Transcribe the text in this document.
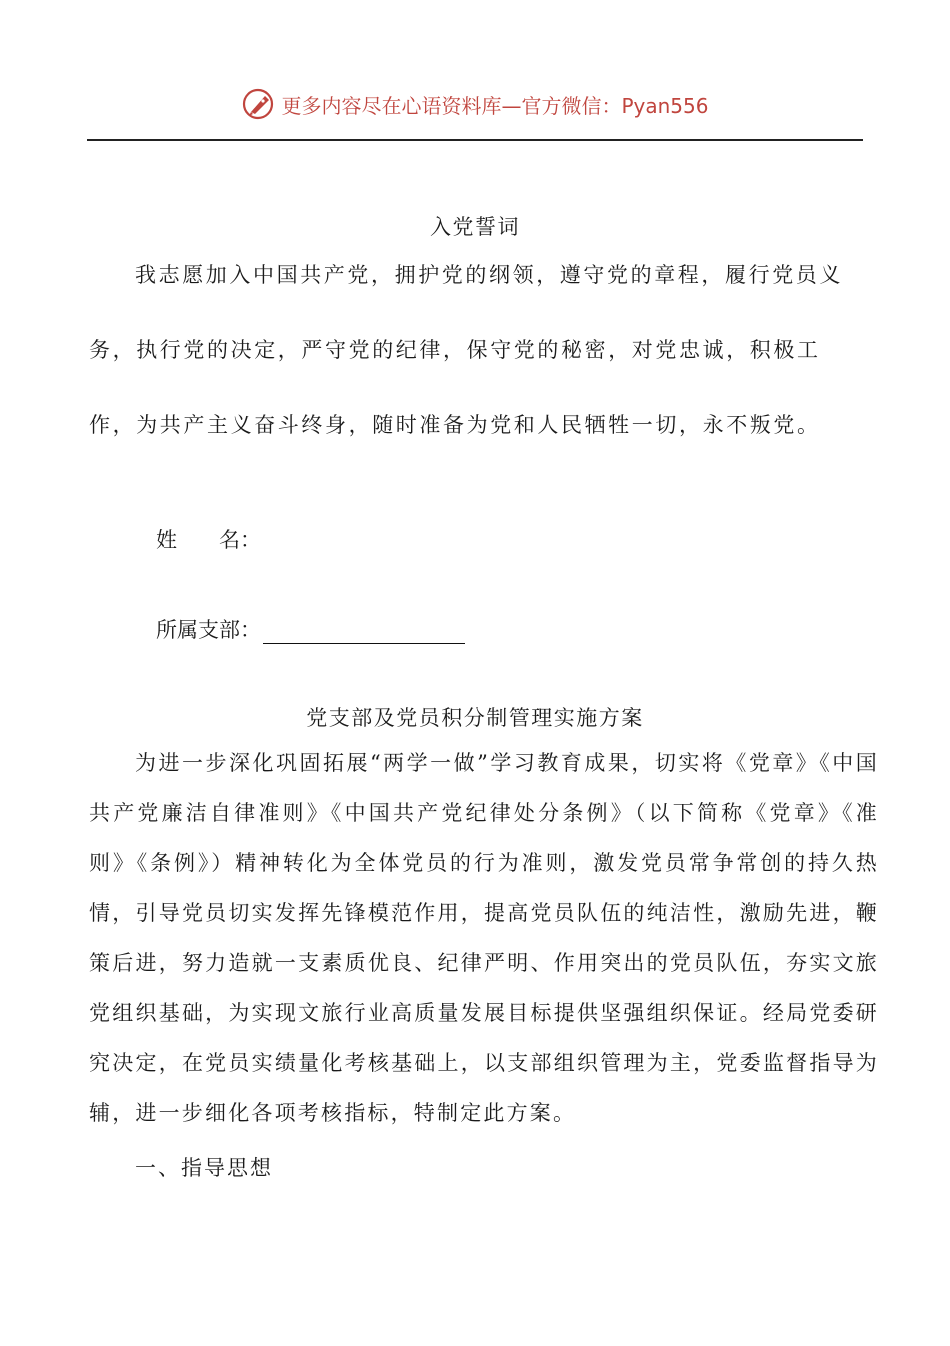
更多内容尽在心语资料库—官方微信：Pyan556
入党誓词
我志愿加入中国共产党，拥护党的纲领，遵守党的章程，履行党员义务，执行党的决定，严守党的纪律，保守党的秘密，对党忠诚，积极工作，为共产主义奋斗终身，随时准备为党和人民牺牲一切，永不叛党。
姓　　名：
所属支部：
党支部及党员积分制管理实施方案
为进一步深化巩固拓展“两学一做”学习教育成果，切实将《党章》《中国共产党廉洁自律准则》《中国共产党纪律处分条例》（以下简称《党章》《准则》《条例》）精神转化为全体党员的行为准则，激发党员常争常创的持久热情，引导党员切实发挥先锋模范作用，提高党员队伍的纯洁性，激励先进，鞭策后进，努力造就一支素质优良、纪律严明、作用突出的党员队伍，夯实文旅党组织基础，为实现文旅行业高质量发展目标提供坚强组织保证。经局党委研究决定，在党员实绩量化考核基础上，以支部组织管理为主，党委监督指导为辅，进一步细化各项考核指标，特制定此方案。
一、指导思想
